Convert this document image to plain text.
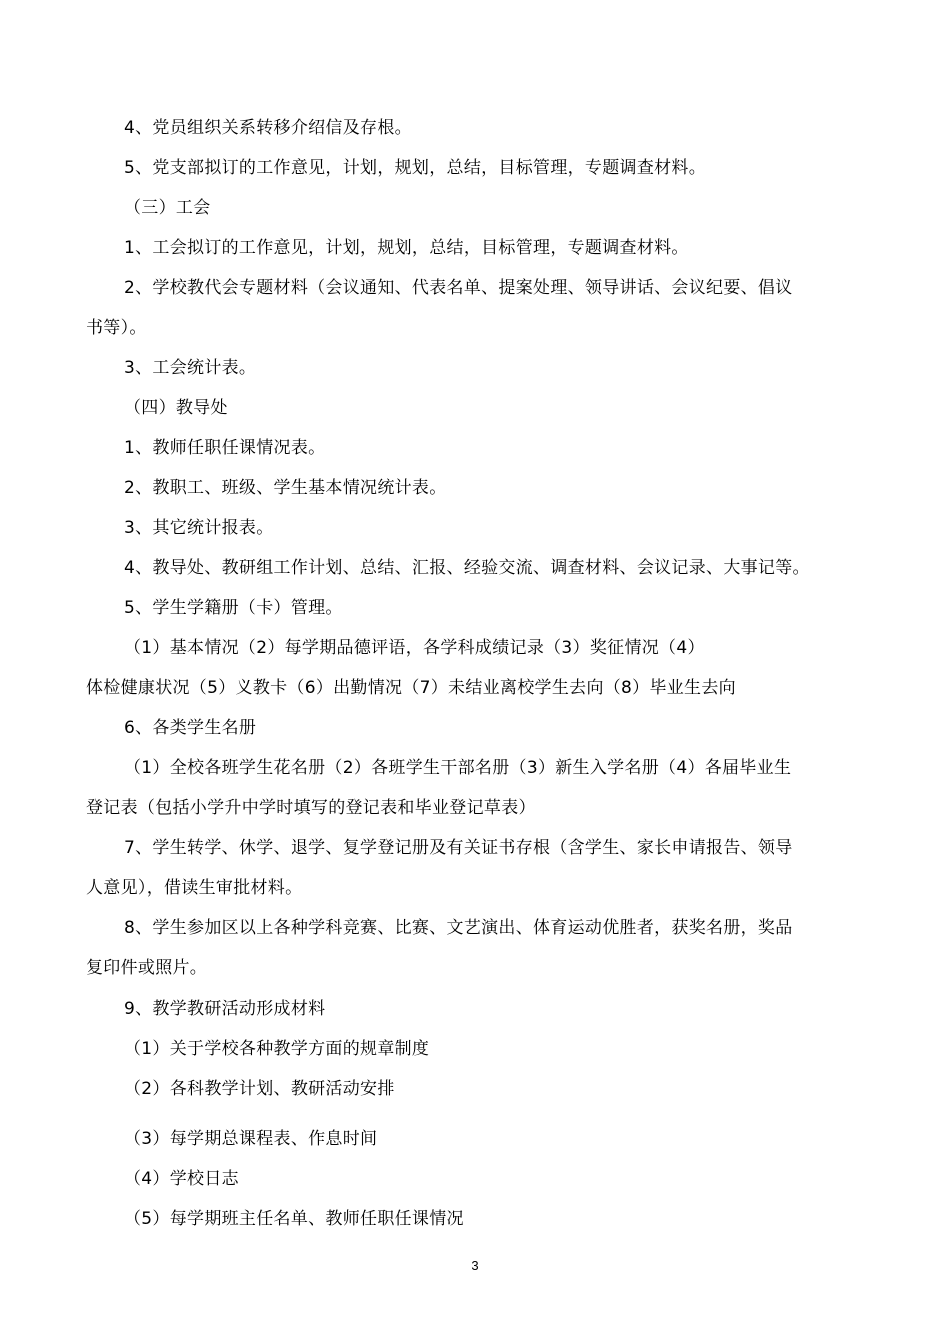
4、党员组织关系转移介绍信及存根。
5、党支部拟订的工作意见，计划，规划，总结，目标管理，专题调查材料。
（三）工会
1、工会拟订的工作意见，计划，规划，总结，目标管理，专题调查材料。
2、学校教代会专题材料（会议通知、代表名单、提案处理、领导讲话、会议纪要、倡议
书等）。
3、工会统计表。
（四）教导处
1、教师任职任课情况表。
2、教职工、班级、学生基本情况统计表。
3、其它统计报表。
4、教导处、教研组工作计划、总结、汇报、经验交流、调查材料、会议记录、大事记等。
5、学生学籍册（卡）管理。
（1）基本情况（2）每学期品德评语，各学科成绩记录（3）奖征情况（4）
体检健康状况（5）义教卡（6）出勤情况（7）未结业离校学生去向（8）毕业生去向
6、各类学生名册
（1）全校各班学生花名册（2）各班学生干部名册（3）新生入学名册（4）各届毕业生
登记表（包括小学升中学时填写的登记表和毕业登记草表）
7、学生转学、休学、退学、复学登记册及有关证书存根（含学生、家长申请报告、领导
人意见），借读生审批材料。
8、学生参加区以上各种学科竞赛、比赛、文艺演出、体育运动优胜者，获奖名册，奖品
复印件或照片。
9、教学教研活动形成材料
（1）关于学校各种教学方面的规章制度
（2）各科教学计划、教研活动安排
（3）每学期总课程表、作息时间
（4）学校日志
（5）每学期班主任名单、教师任职任课情况
3
